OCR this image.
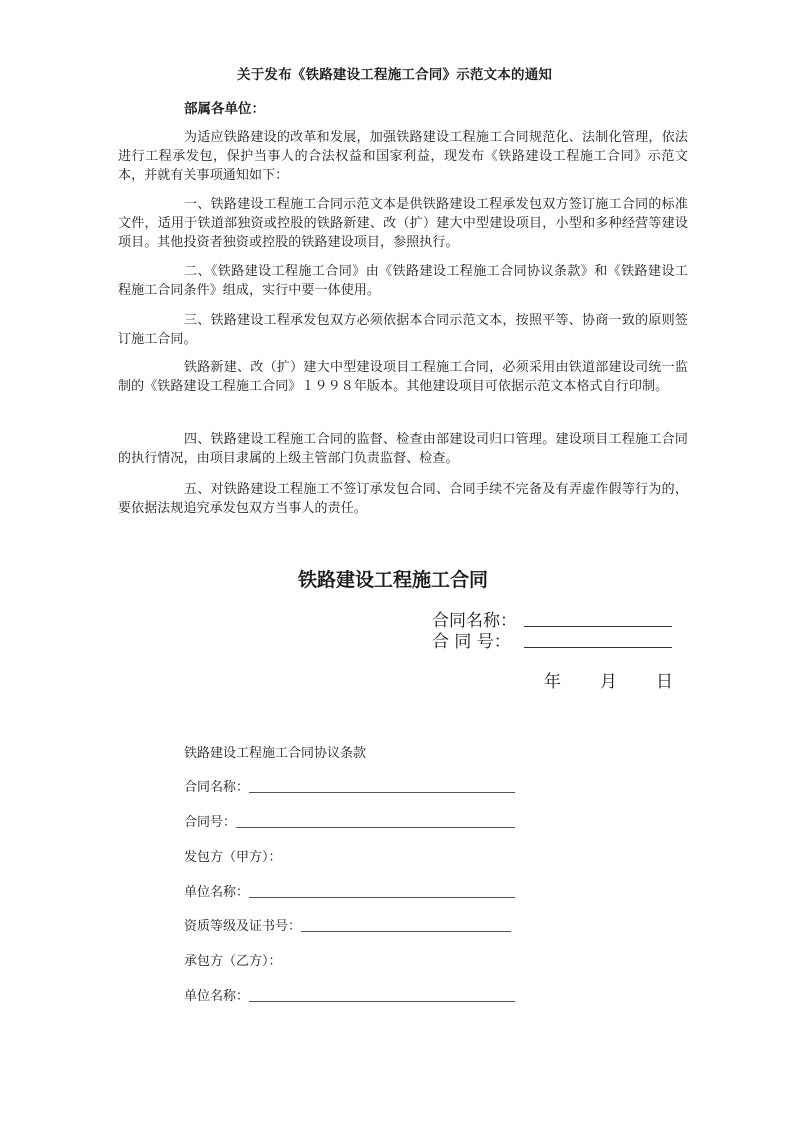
关于发布《铁路建设工程施工合同》示范文本的通知
部属各单位：
为适应铁路建设的改革和发展，加强铁路建设工程施工合同规范化、法制化管理，依法进行工程承发包，保护当事人的合法权益和国家利益，现发布《铁路建设工程施工合同》示范文本，并就有关事项通知如下：
一、铁路建设工程施工合同示范文本是供铁路建设工程承发包双方签订施工合同的标准文件，适用于铁道部独资或控股的铁路新建、改（扩）建大中型建设项目，小型和多种经营等建设项目。其他投资者独资或控股的铁路建设项目，参照执行。
二、《铁路建设工程施工合同》由《铁路建设工程施工合同协议条款》和《铁路建设工程施工合同条件》组成，实行中要一体使用。
三、铁路建设工程承发包双方必须依据本合同示范文本，按照平等、协商一致的原则签订施工合同。
铁路新建、改（扩）建大中型建设项目工程施工合同，必须采用由铁道部建设司统一监制的《铁路建设工程施工合同》１９９８年版本。其他建设项目可依据示范文本格式自行印制。
四、铁路建设工程施工合同的监督、检查由部建设司归口管理。建设项目工程施工合同的执行情况，由项目隶属的上级主管部门负责监督、检查。
五、对铁路建设工程施工不签订承发包合同、合同手续不完备及有弄虚作假等行为的，要依据法规追究承发包双方当事人的责任。
铁路建设工程施工合同
合同名称：
合 同 号：
年 月 日
铁路建设工程施工合同协议条款
合同名称：
合同号：
发包方（甲方）：
单位名称：
资质等级及证书号：
承包方（乙方）：
单位名称：
